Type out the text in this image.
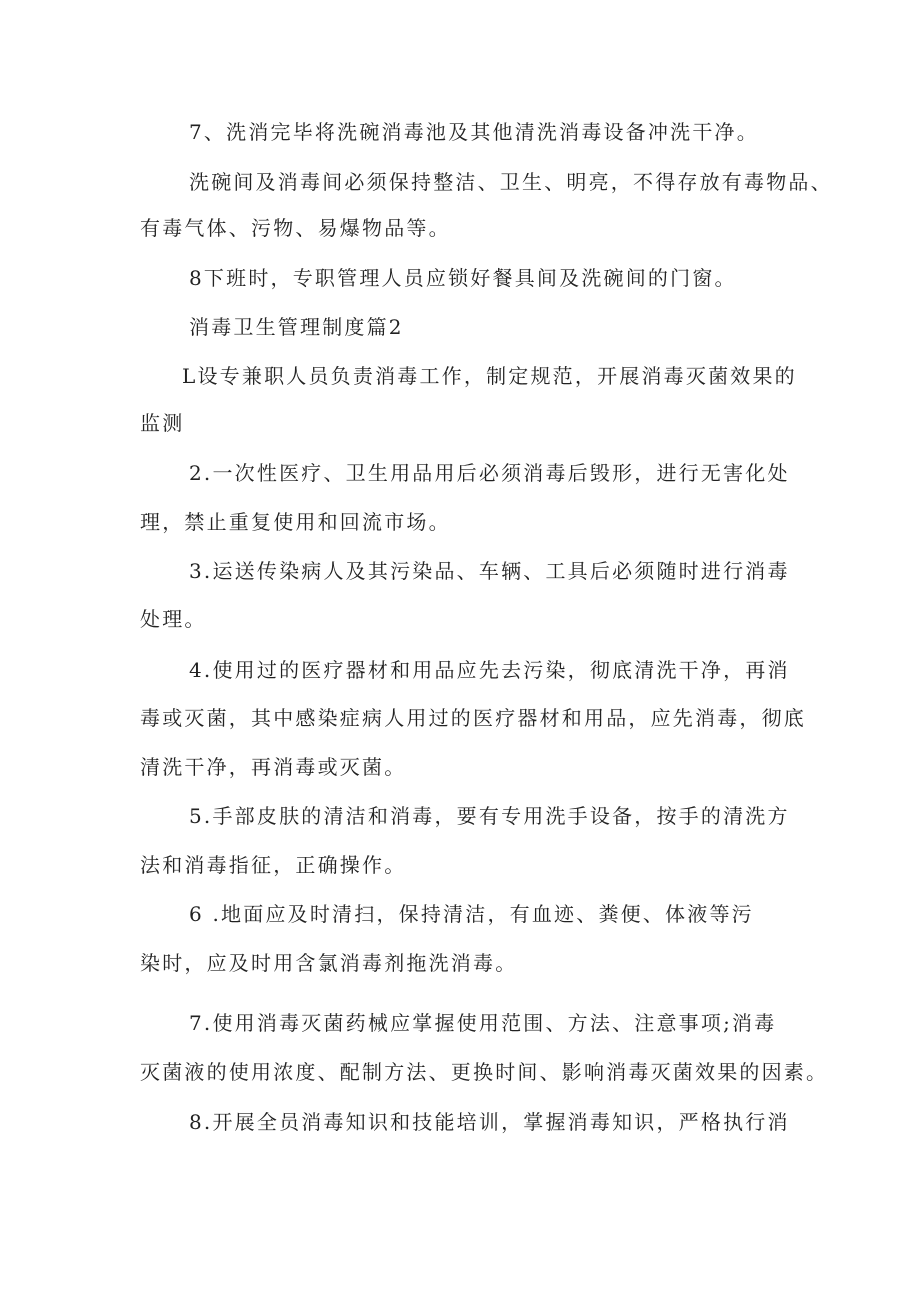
7、洗消完毕将洗碗消毒池及其他清洗消毒设备冲洗干净。
洗碗间及消毒间必须保持整洁、卫生、明亮，不得存放有毒物品、
有毒气体、污物、易爆物品等。
8下班时，专职管理人员应锁好餐具间及洗碗间的门窗。
消毒卫生管理制度篇2
L设专兼职人员负责消毒工作，制定规范，开展消毒灭菌效果的
监测
2.一次性医疗、卫生用品用后必须消毒后毁形，进行无害化处
理，禁止重复使用和回流市场。
3.运送传染病人及其污染品、车辆、工具后必须随时进行消毒
处理。
4.使用过的医疗器材和用品应先去污染，彻底清洗干净，再消
毒或灭菌，其中感染症病人用过的医疗器材和用品，应先消毒，彻底
清洗干净，再消毒或灭菌。
5.手部皮肤的清洁和消毒，要有专用洗手设备，按手的清洗方
法和消毒指征，正确操作。
6 .地面应及时清扫，保持清洁，有血迹、粪便、体液等污
染时，应及时用含氯消毒剂拖洗消毒。
7.使用消毒灭菌药械应掌握使用范围、方法、注意事项;消毒
灭菌液的使用浓度、配制方法、更换时间、影响消毒灭菌效果的因素。
8.开展全员消毒知识和技能培训，掌握消毒知识，严格执行消
